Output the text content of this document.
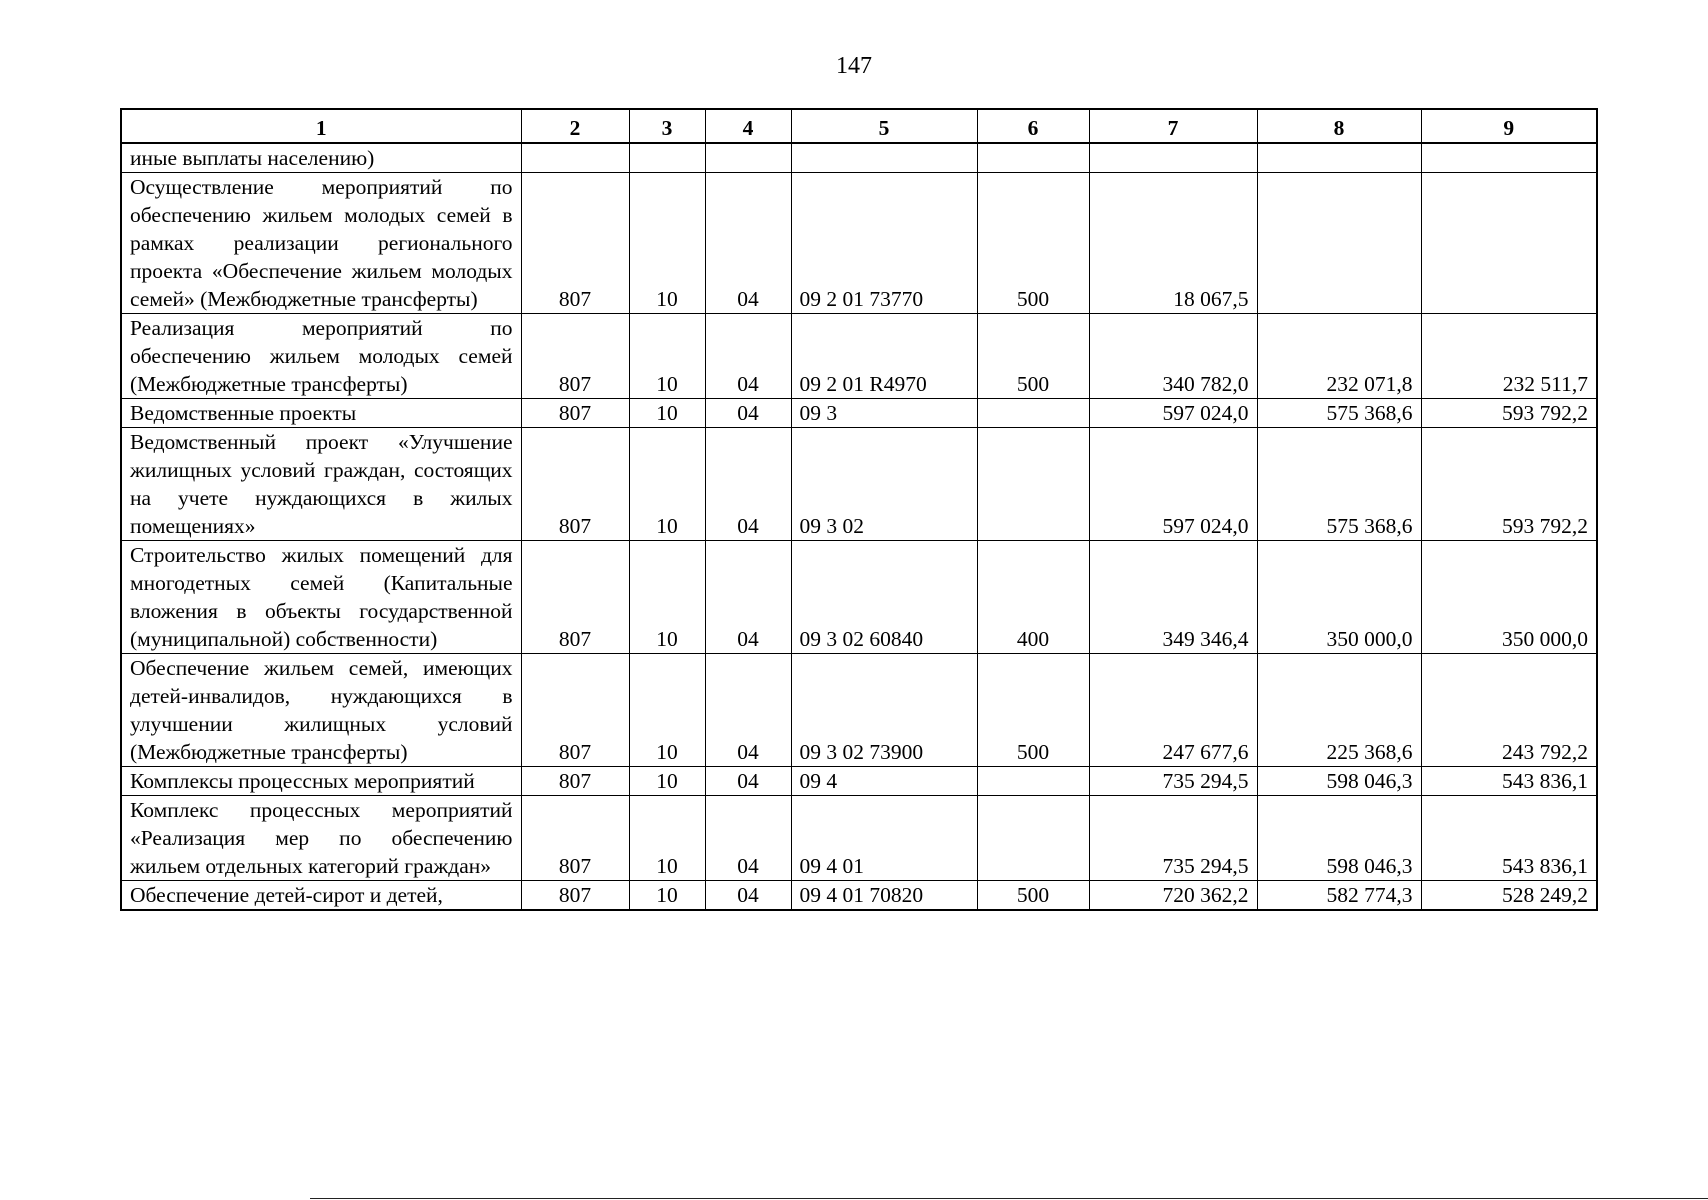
147
1	2	3	4	5	6	7	8	9
иные выплаты населению)								
Осуществление мероприятий по обеспечению жильем молодых семей в рамках реализации регионального проекта «Обеспечение жильем молодых семей» (Межбюджетные трансферты)	807	10	04	09 2 01 73770	500	18 067,5		
Реализация мероприятий по обеспечению жильем молодых семей (Межбюджетные трансферты)	807	10	04	09 2 01 R4970	500	340 782,0	232 071,8	232 511,7
Ведомственные проекты	807	10	04	09 3		597 024,0	575 368,6	593 792,2
Ведомственный проект «Улучшение жилищных условий граждан, состоящих на учете нуждающихся в жилых помещениях»	807	10	04	09 3 02		597 024,0	575 368,6	593 792,2
Строительство жилых помещений для многодетных семей (Капитальные вложения в объекты государственной (муниципальной) собственности)	807	10	04	09 3 02 60840	400	349 346,4	350 000,0	350 000,0
Обеспечение жильем семей, имеющих детей-инвалидов, нуждающихся в улучшении жилищных условий (Межбюджетные трансферты)	807	10	04	09 3 02 73900	500	247 677,6	225 368,6	243 792,2
Комплексы процессных мероприятий	807	10	04	09 4		735 294,5	598 046,3	543 836,1
Комплекс процессных мероприятий «Реализация мер по обеспечению жильем отдельных категорий граждан»	807	10	04	09 4 01		735 294,5	598 046,3	543 836,1
Обеспечение детей-сирот и детей,	807	10	04	09 4 01 70820	500	720 362,2	582 774,3	528 249,2
